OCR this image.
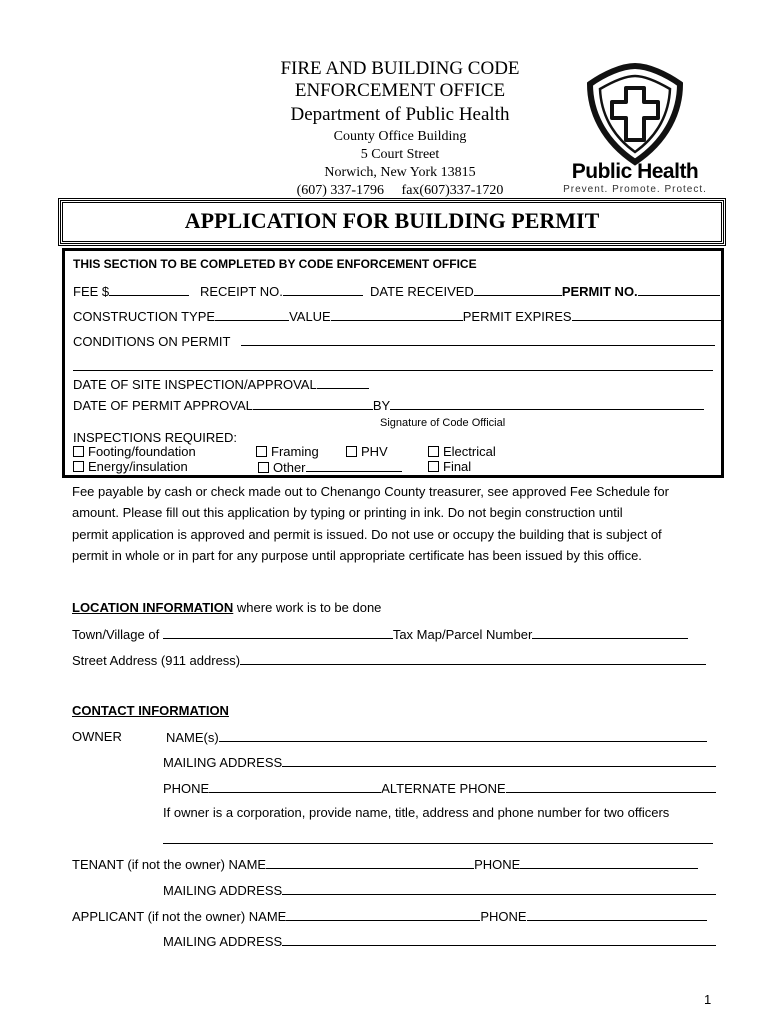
FIRE AND BUILDING CODE
ENFORCEMENT OFFICE
Department of Public Health
County Office Building
5 Court Street
Norwich, New York 13815
(607) 337-1796     fax(607)337-1720
Public Health
Prevent. Promote. Protect.
APPLICATION FOR BUILDING PERMIT
THIS SECTION TO BE COMPLETED BY CODE ENFORCEMENT OFFICE
FEE $	RECEIPT NO.	DATE RECEIVED	PERMIT NO.
CONSTRUCTION TYPE	VALUE	PERMIT EXPIRES
CONDITIONS ON PERMIT
DATE OF SITE INSPECTION/APPROVAL
DATE OF PERMIT APPROVAL	BY
Signature of Code Official
INSPECTIONS REQUIRED:
Footing/foundation	Framing	PHV	Electrical
Energy/insulation	Other	Final
Fee payable by cash or check made out to Chenango County treasurer, see approved Fee Schedule for
amount. Please fill out this application by typing or printing in ink. Do not begin construction until
permit application is approved and permit is issued. Do not use or occupy the building that is subject of
permit in whole or in part for any purpose until appropriate certificate has been issued by this office.
LOCATION INFORMATION where work is to be done
Town/Village of	Tax Map/Parcel Number
Street Address (911 address)
CONTACT INFORMATION
OWNER	NAME(s)
MAILING ADDRESS
PHONE	ALTERNATE PHONE
If owner is a corporation, provide name, title, address and phone number for two officers
TENANT (if not the owner) NAME	PHONE
MAILING ADDRESS
APPLICANT (if not the owner) NAME	PHONE
MAILING ADDRESS
1
